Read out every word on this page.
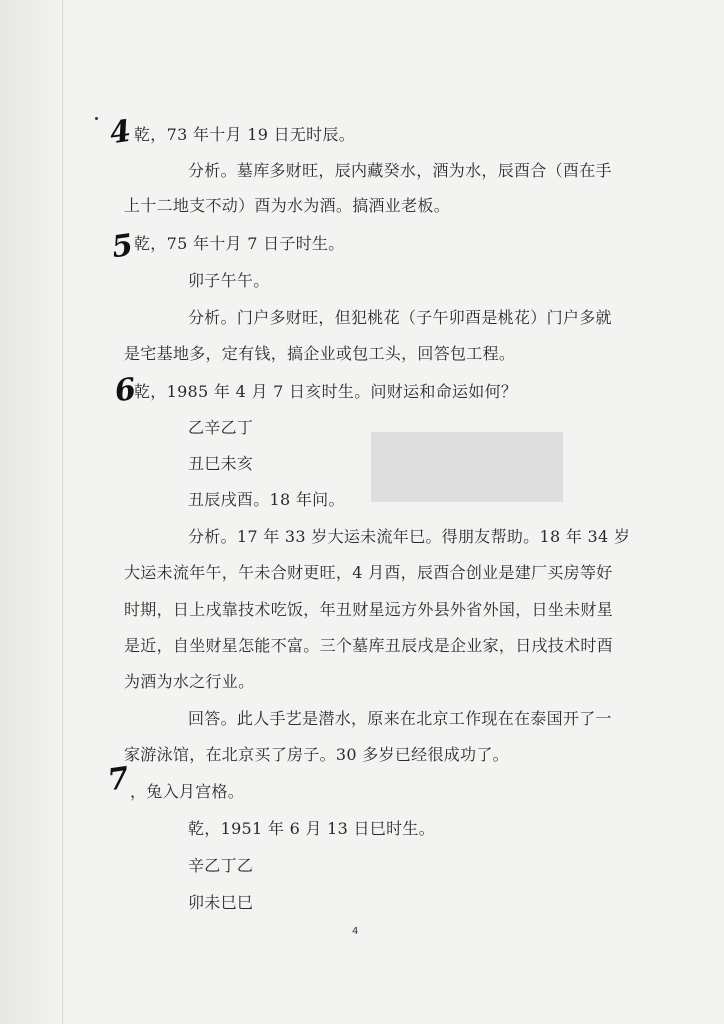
4
5
6
7
乾，73 年十月 19 日无时辰。
分析。墓库多财旺，辰内藏癸水，酒为水，辰酉合（酉在手
上十二地支不动）酉为水为酒。搞酒业老板。
乾，75 年十月 7 日子时生。
卯子午午。
分析。门户多财旺，但犯桃花（子午卯酉是桃花）门户多就
是宅基地多，定有钱，搞企业或包工头，回答包工程。
乾，1985 年 4 月 7 日亥时生。问财运和命运如何？
乙辛乙丁
丑巳未亥
丑辰戌酉。18 年问。
分析。17 年 33 岁大运未流年巳。得朋友帮助。18 年 34 岁
大运未流年午，午未合财更旺，4 月酉，辰酉合创业是建厂买房等好
时期，日上戌靠技术吃饭，年丑财星远方外县外省外国，日坐未财星
是近，自坐财星怎能不富。三个墓库丑辰戌是企业家，日戌技术时酉
为酒为水之行业。
回答。此人手艺是潜水，原来在北京工作现在在泰国开了一
家游泳馆，在北京买了房子。30 多岁已经很成功了。
，兔入月宫格。
乾，1951 年 6 月 13 日巳时生。
辛乙丁乙
卯未巳巳
4
